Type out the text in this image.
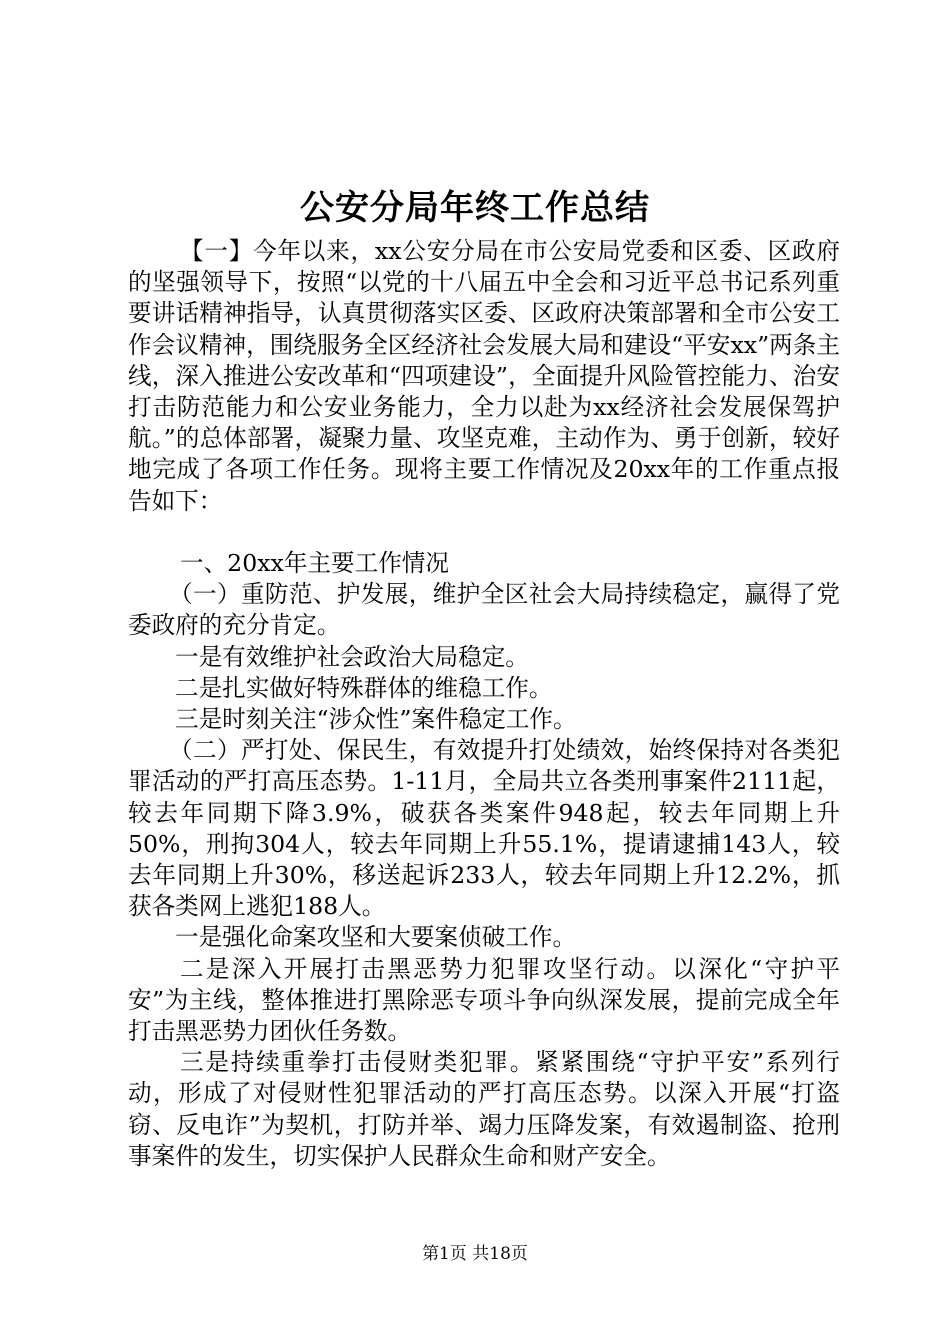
公安分局年终工作总结

【一】今年以来，xx公安分局在市公安局党委和区委、区政府的坚强领导下，按照“以党的十八届五中全会和习近平总书记系列重要讲话精神指导，认真贯彻落实区委、区政府决策部署和全市公安工作会议精神，围绕服务全区经济社会发展大局和建设“平安xx”两条主线，深入推进公安改革和“四项建设”，全面提升风险管控能力、治安打击防范能力和公安业务能力，全力以赴为xx经济社会发展保驾护航。”的总体部署，凝聚力量、攻坚克难，主动作为、勇于创新，较好地完成了各项工作任务。现将主要工作情况及20xx年的工作重点报告如下：

一、20xx年主要工作情况

（一）重防范、护发展，维护全区社会大局持续稳定，赢得了党委政府的充分肯定。

一是有效维护社会政治大局稳定。

二是扎实做好特殊群体的维稳工作。

三是时刻关注“涉众性”案件稳定工作。

（二）严打处、保民生，有效提升打处绩效，始终保持对各类犯罪活动的严打高压态势。1-11月，全局共立各类刑事案件2111起，较去年同期下降3.9%，破获各类案件948起，较去年同期上升50%，刑拘304人，较去年同期上升55.1%，提请逮捕143人，较去年同期上升30%，移送起诉233人，较去年同期上升12.2%，抓获各类网上逃犯188人。

一是强化命案攻坚和大要案侦破工作。

二是深入开展打击黑恶势力犯罪攻坚行动。以深化“守护平安”为主线，整体推进打黑除恶专项斗争向纵深发展，提前完成全年打击黑恶势力团伙任务数。

三是持续重拳打击侵财类犯罪。紧紧围绕“守护平安”系列行动，形成了对侵财性犯罪活动的严打高压态势。以深入开展“打盗窃、反电诈”为契机，打防并举、竭力压降发案，有效遏制盗、抢刑事案件的发生，切实保护人民群众生命和财产安全。

第1页 共18页
